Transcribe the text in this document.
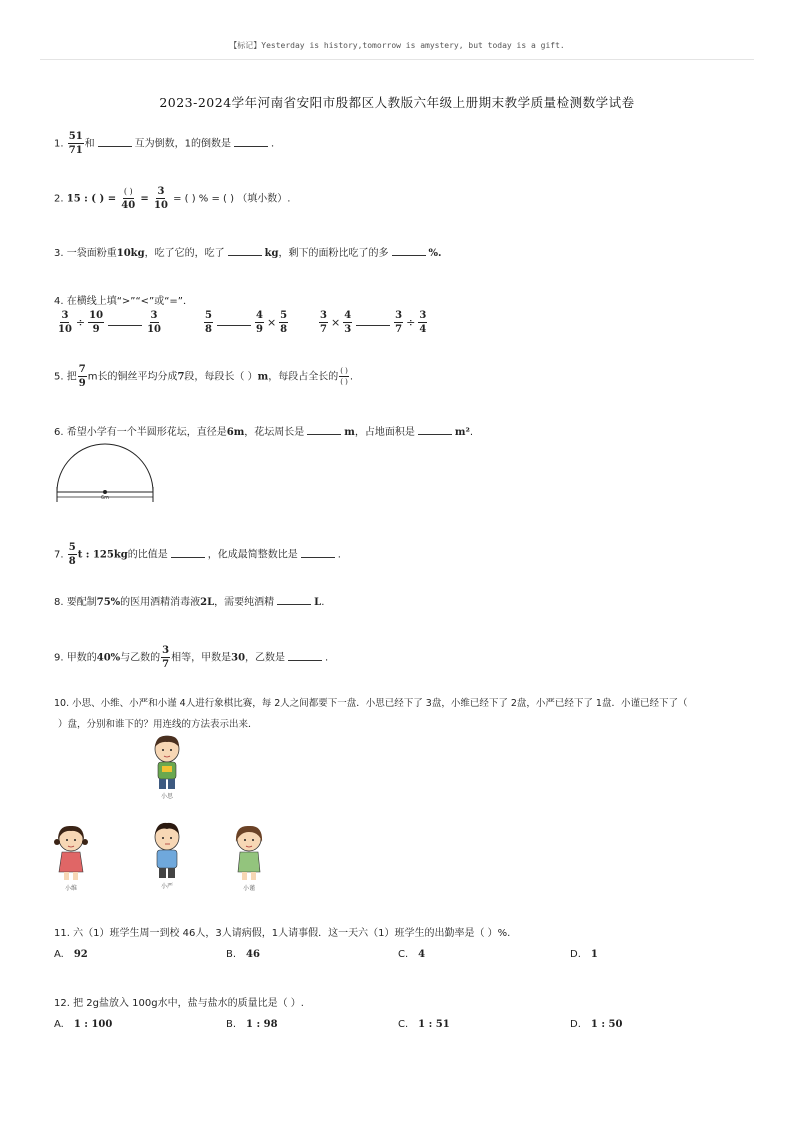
【标记】Yesterday is history,tomorrow is amystery, but today is a gift.
2023-2024学年河南省安阳市殷都区人教版六年级上册期末教学质量检测数学试卷
1. $\frac{51}{71}$ 和	互为倒数，1的倒数是	．
2. 15 : ( ) = $\frac{( )}{40} = \frac{3}{10}$ = ( ) % = ( ) （填小数）.
3. 一袋面粉重10kg，吃了它的，吃了	kg，剩下的面粉比吃了的多	%.
4. 在横线上填“>”“<”或“=”．
$\frac{3}{10} \div \frac{10}{9}$	$\frac{3}{10}$	$\frac{5}{8}$	$\frac{4}{9} \times \frac{5}{8}$	$\frac{3}{7} \times \frac{4}{3}$	$\frac{3}{7} \div \frac{3}{4}$
5. 把 $\frac{7}{9}$ m长的铜丝平均分成7段，每段长（ ）m，每段占全长的 $\frac{( )}{( )}$ .
6. 希望小学有一个半圆形花坛，直径是6m，花坛周长是	m，占地面积是	m².
6m
7. $\frac{5}{8}$ t : 125kg的比值是	，化成最简整数比是	.
8. 要配制75%的医用酒精消毒液2L，需要纯酒精	L.
9. 甲数的40%与乙数的 $\frac{3}{7}$ 相等，甲数是30，乙数是	.
10. 小思、小维、小严和小谨 4人进行象棋比赛，每 2人之间都要下一盘．小思已经下了 3盘，小维已经下了 2盘，小严已经下了 1盘．小谨已经下了（
）盘，分别和谁下的？用连线的方法表示出来．
小思
小维	小严	小谨
11. 六（1）班学生周一到校 46人，3人请病假，1人请事假．这一天六（1）班学生的出勤率是（ ）%.
A. 92	B. 46	C. 4	D. 1
12. 把 2g盐放入 100g水中，盐与盐水的质量比是（ ）.
A. 1 : 100	B. 1 : 98	C. 1 : 51	D. 1 : 50
